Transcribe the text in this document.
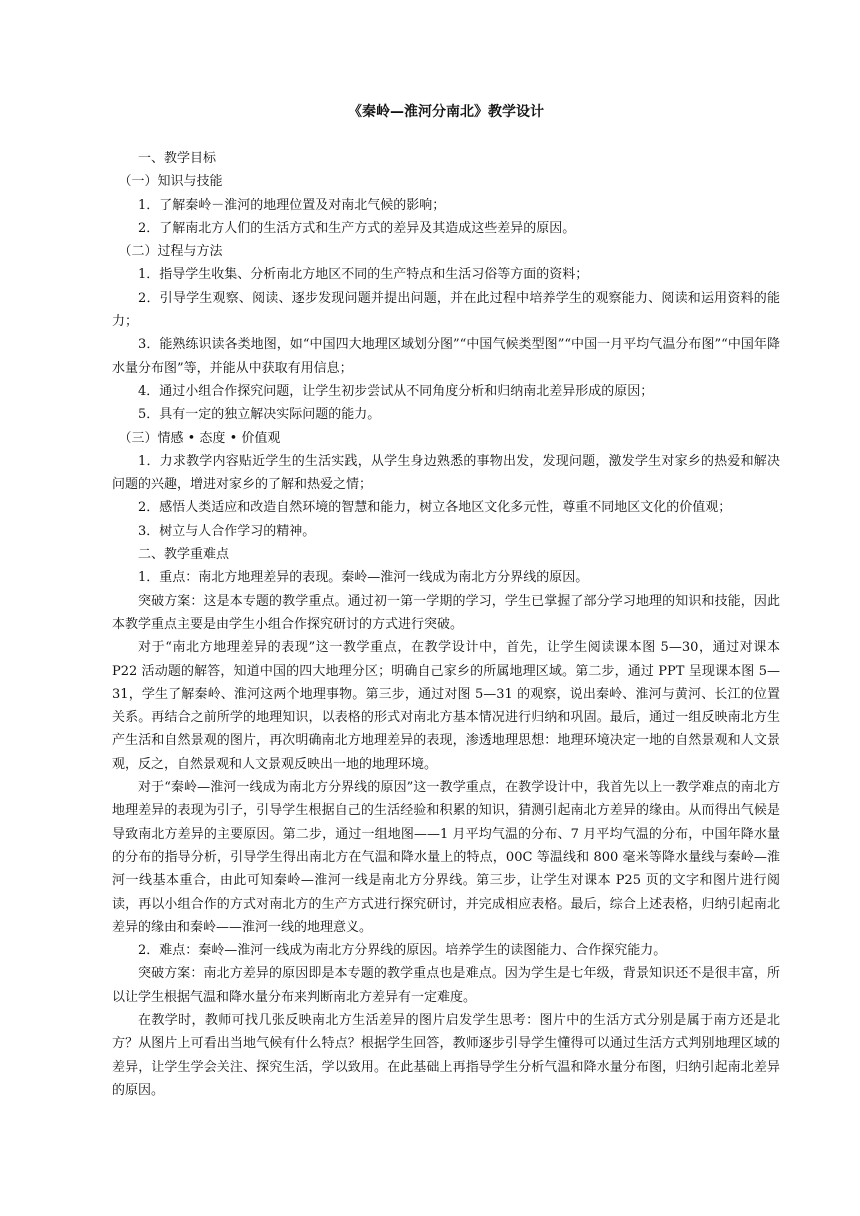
《秦岭—淮河分南北》教学设计

一、教学目标

（一）知识与技能

1．了解秦岭－淮河的地理位置及对南北气候的影响；

2．了解南北方人们的生活方式和生产方式的差异及其造成这些差异的原因。

（二）过程与方法

1．指导学生收集、分析南北方地区不同的生产特点和生活习俗等方面的资料；

2．引导学生观察、阅读、逐步发现问题并提出问题，并在此过程中培养学生的观察能力、阅读和运用资料的能力；

3．能熟练识读各类地图，如“中国四大地理区域划分图”“中国气候类型图”“中国一月平均气温分布图”“中国年降水量分布图”等，并能从中获取有用信息；

4．通过小组合作探究问题，让学生初步尝试从不同角度分析和归纳南北差异形成的原因；

5．具有一定的独立解决实际问题的能力。

（三）情感 • 态度 • 价值观

1．力求教学内容贴近学生的生活实践，从学生身边熟悉的事物出发，发现问题，激发学生对家乡的热爱和解决问题的兴趣，增进对家乡的了解和热爱之情；

2．感悟人类适应和改造自然环境的智慧和能力，树立各地区文化多元性，尊重不同地区文化的价值观；

3．树立与人合作学习的精神。

二、教学重难点

1．重点：南北方地理差异的表现。秦岭—淮河一线成为南北方分界线的原因。

突破方案：这是本专题的教学重点。通过初一第一学期的学习，学生已掌握了部分学习地理的知识和技能，因此本教学重点主要是由学生小组合作探究研讨的方式进行突破。

对于“南北方地理差异的表现”这一教学重点，在教学设计中，首先，让学生阅读课本图 5—30，通过对课本 P22 活动题的解答，知道中国的四大地理分区；明确自己家乡的所属地理区域。第二步，通过 PPT 呈现课本图 5—31，学生了解秦岭、淮河这两个地理事物。第三步，通过对图 5—31 的观察，说出秦岭、淮河与黄河、长江的位置关系。再结合之前所学的地理知识，以表格的形式对南北方基本情况进行归纳和巩固。最后，通过一组反映南北方生产生活和自然景观的图片，再次明确南北方地理差异的表现，渗透地理思想：地理环境决定一地的自然景观和人文景观，反之，自然景观和人文景观反映出一地的地理环境。

对于“秦岭—淮河一线成为南北方分界线的原因”这一教学重点，在教学设计中，我首先以上一教学难点的南北方地理差异的表现为引子，引导学生根据自己的生活经验和积累的知识，猜测引起南北方差异的缘由。从而得出气候是导致南北方差异的主要原因。第二步，通过一组地图——1 月平均气温的分布、7 月平均气温的分布，中国年降水量的分布的指导分析，引导学生得出南北方在气温和降水量上的特点，00C 等温线和 800 毫米等降水量线与秦岭—淮河一线基本重合，由此可知秦岭—淮河一线是南北方分界线。第三步，让学生对课本 P25 页的文字和图片进行阅读，再以小组合作的方式对南北方的生产方式进行探究研讨，并完成相应表格。最后，综合上述表格，归纳引起南北差异的缘由和秦岭——淮河一线的地理意义。

2．难点：秦岭—淮河一线成为南北方分界线的原因。培养学生的读图能力、合作探究能力。

突破方案：南北方差异的原因即是本专题的教学重点也是难点。因为学生是七年级，背景知识还不是很丰富，所以让学生根据气温和降水量分布来判断南北方差异有一定难度。

在教学时，教师可找几张反映南北方生活差异的图片启发学生思考：图片中的生活方式分别是属于南方还是北方？从图片上可看出当地气候有什么特点？根据学生回答，教师逐步引导学生懂得可以通过生活方式判别地理区域的差异，让学生学会关注、探究生活，学以致用。在此基础上再指导学生分析气温和降水量分布图，归纳引起南北差异的原因。
